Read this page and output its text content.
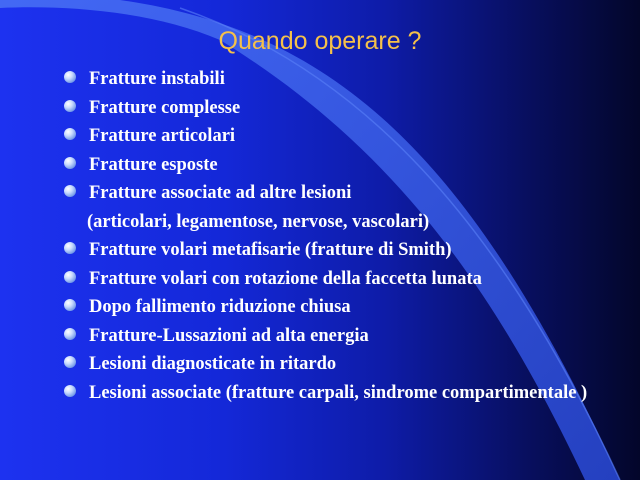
Quando operare ?
Fratture instabili
Fratture complesse
Fratture articolari
Fratture esposte
Fratture associate ad altre lesioni
(articolari, legamentose, nervose, vascolari)
Fratture volari metafisarie (fratture di Smith)
Fratture volari con rotazione della faccetta lunata
Dopo fallimento riduzione chiusa
Fratture-Lussazioni ad alta energia
Lesioni diagnosticate in ritardo
Lesioni associate (fratture carpali, sindrome compartimentale )
